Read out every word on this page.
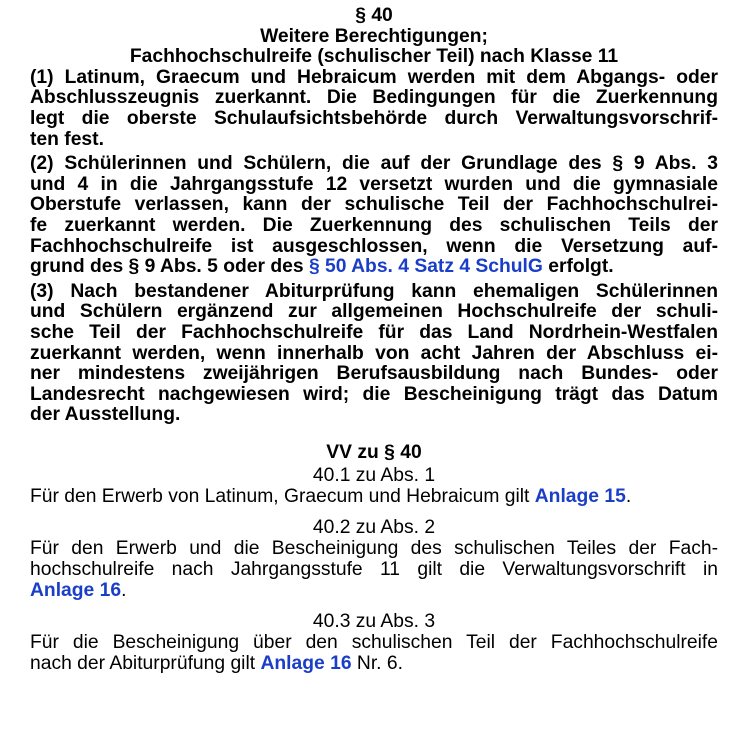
§ 40

Weitere Berechtigungen;

Fachhochschulreife (schulischer Teil) nach Klasse 11

(1) Latinum, Graecum und Hebraicum werden mit dem Abgangs- oder
Abschlusszeugnis zuerkannt. Die Bedingungen für die Zuerkennung
legt die oberste Schulaufsichtsbehörde durch Verwaltungsvorschrif-
ten fest.
(2) Schülerinnen und Schülern, die auf der Grundlage des § 9 Abs. 3
und 4 in die Jahrgangsstufe 12 versetzt wurden und die gymnasiale
Oberstufe verlassen, kann der schulische Teil der Fachhochschulrei-
fe zuerkannt werden. Die Zuerkennung des schulischen Teils der
Fachhochschulreife ist ausgeschlossen, wenn die Versetzung auf-
grund des § 9 Abs. 5 oder des § 50 Abs. 4 Satz 4 SchulG erfolgt.
(3) Nach bestandener Abiturprüfung kann ehemaligen Schülerinnen
und Schülern ergänzend zur allgemeinen Hochschulreife der schuli-
sche Teil der Fachhochschulreife für das Land Nordrhein-Westfalen
zuerkannt werden, wenn innerhalb von acht Jahren der Abschluss ei-
ner mindestens zweijährigen Berufsausbildung nach Bundes- oder
Landesrecht nachgewiesen wird; die Bescheinigung trägt das Datum
der Ausstellung.

VV zu § 40

40.1 zu Abs. 1

Für den Erwerb von Latinum, Graecum und Hebraicum gilt Anlage 15.

40.2 zu Abs. 2

Für den Erwerb und die Bescheinigung des schulischen Teiles der Fach-
hochschulreife nach Jahrgangsstufe 11 gilt die Verwaltungsvorschrift in
Anlage 16.

40.3 zu Abs. 3

Für die Bescheinigung über den schulischen Teil der Fachhochschulreife
nach der Abiturprüfung gilt Anlage 16 Nr. 6.
